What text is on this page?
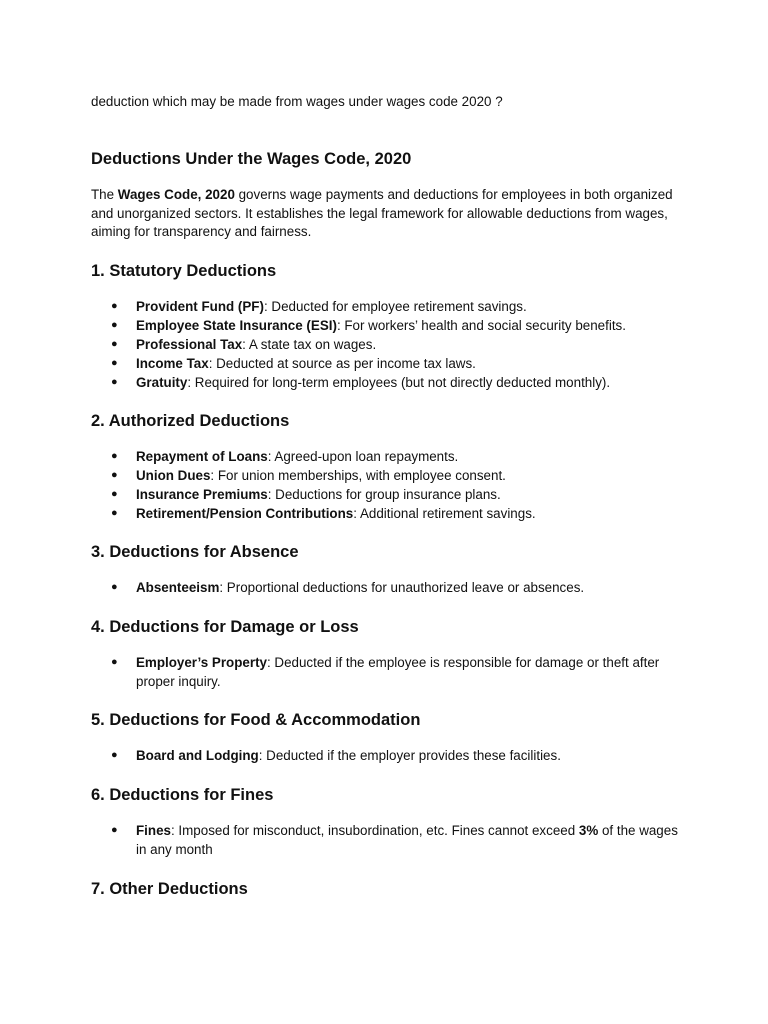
deduction which may be made from wages under wages code 2020 ?
Deductions Under the Wages Code, 2020

The Wages Code, 2020 governs wage payments and deductions for employees in both organized and unorganized sectors. It establishes the legal framework for allowable deductions from wages, aiming for transparency and fairness.

1. Statutory Deductions
● Provident Fund (PF): Deducted for employee retirement savings.
● Employee State Insurance (ESI): For workers’ health and social security benefits.
● Professional Tax: A state tax on wages.
● Income Tax: Deducted at source as per income tax laws.
● Gratuity: Required for long-term employees (but not directly deducted monthly).
2. Authorized Deductions
● Repayment of Loans: Agreed-upon loan repayments.
● Union Dues: For union memberships, with employee consent.
● Insurance Premiums: Deductions for group insurance plans.
● Retirement/Pension Contributions: Additional retirement savings.
3. Deductions for Absence
● Absenteeism: Proportional deductions for unauthorized leave or absences.
4. Deductions for Damage or Loss
● Employer’s Property: Deducted if the employee is responsible for damage or theft after proper inquiry.
5. Deductions for Food & Accommodation
● Board and Lodging: Deducted if the employer provides these facilities.
6. Deductions for Fines
● Fines: Imposed for misconduct, insubordination, etc. Fines cannot exceed 3% of the wages in any month
7. Other Deductions
